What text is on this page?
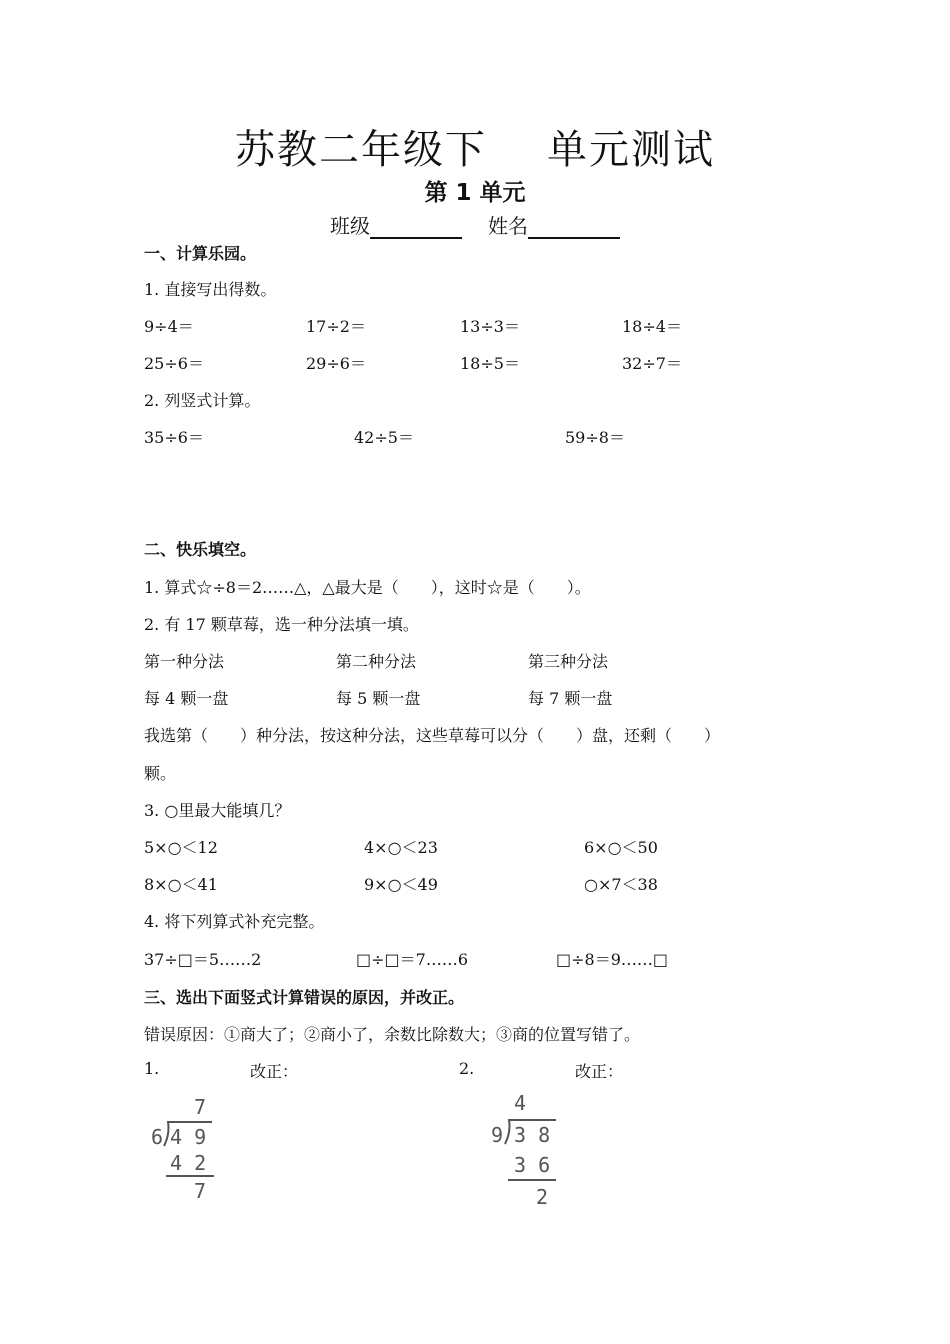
苏教二年级下 单元测试
第 1 单元
班级	姓名
一、计算乐园。
1. 直接写出得数。
9÷4＝	17÷2＝	13÷3＝	18÷4＝
25÷6＝	29÷6＝	18÷5＝	32÷7＝
2. 列竖式计算。
35÷6＝	42÷5＝	59÷8＝
二、快乐填空。
1. 算式☆÷8＝2……△，△最大是（　　），这时☆是（　　）。
2. 有 17 颗草莓，选一种分法填一填。
第一种分法	第二种分法	第三种分法
每 4 颗一盘	每 5 颗一盘	每 7 颗一盘
我选第（　　）种分法，按这种分法，这些草莓可以分（　　）盘，还剩（　　）
颗。
3. ○里最大能填几？
5×○＜12	4×○＜23	6×○＜50
8×○＜41	9×○＜49	○×7＜38
4. 将下列算式补充完整。
37÷□＝5……2	□÷□＝7……6	□÷8＝9……□
三、选出下面竖式计算错误的原因，并改正。
错误原因：①商大了；②商小了，余数比除数大；③商的位置写错了。
1.	改正：	2.	改正：
7
6 4 9
4 2
7
4
9 3 8
3 6
2
